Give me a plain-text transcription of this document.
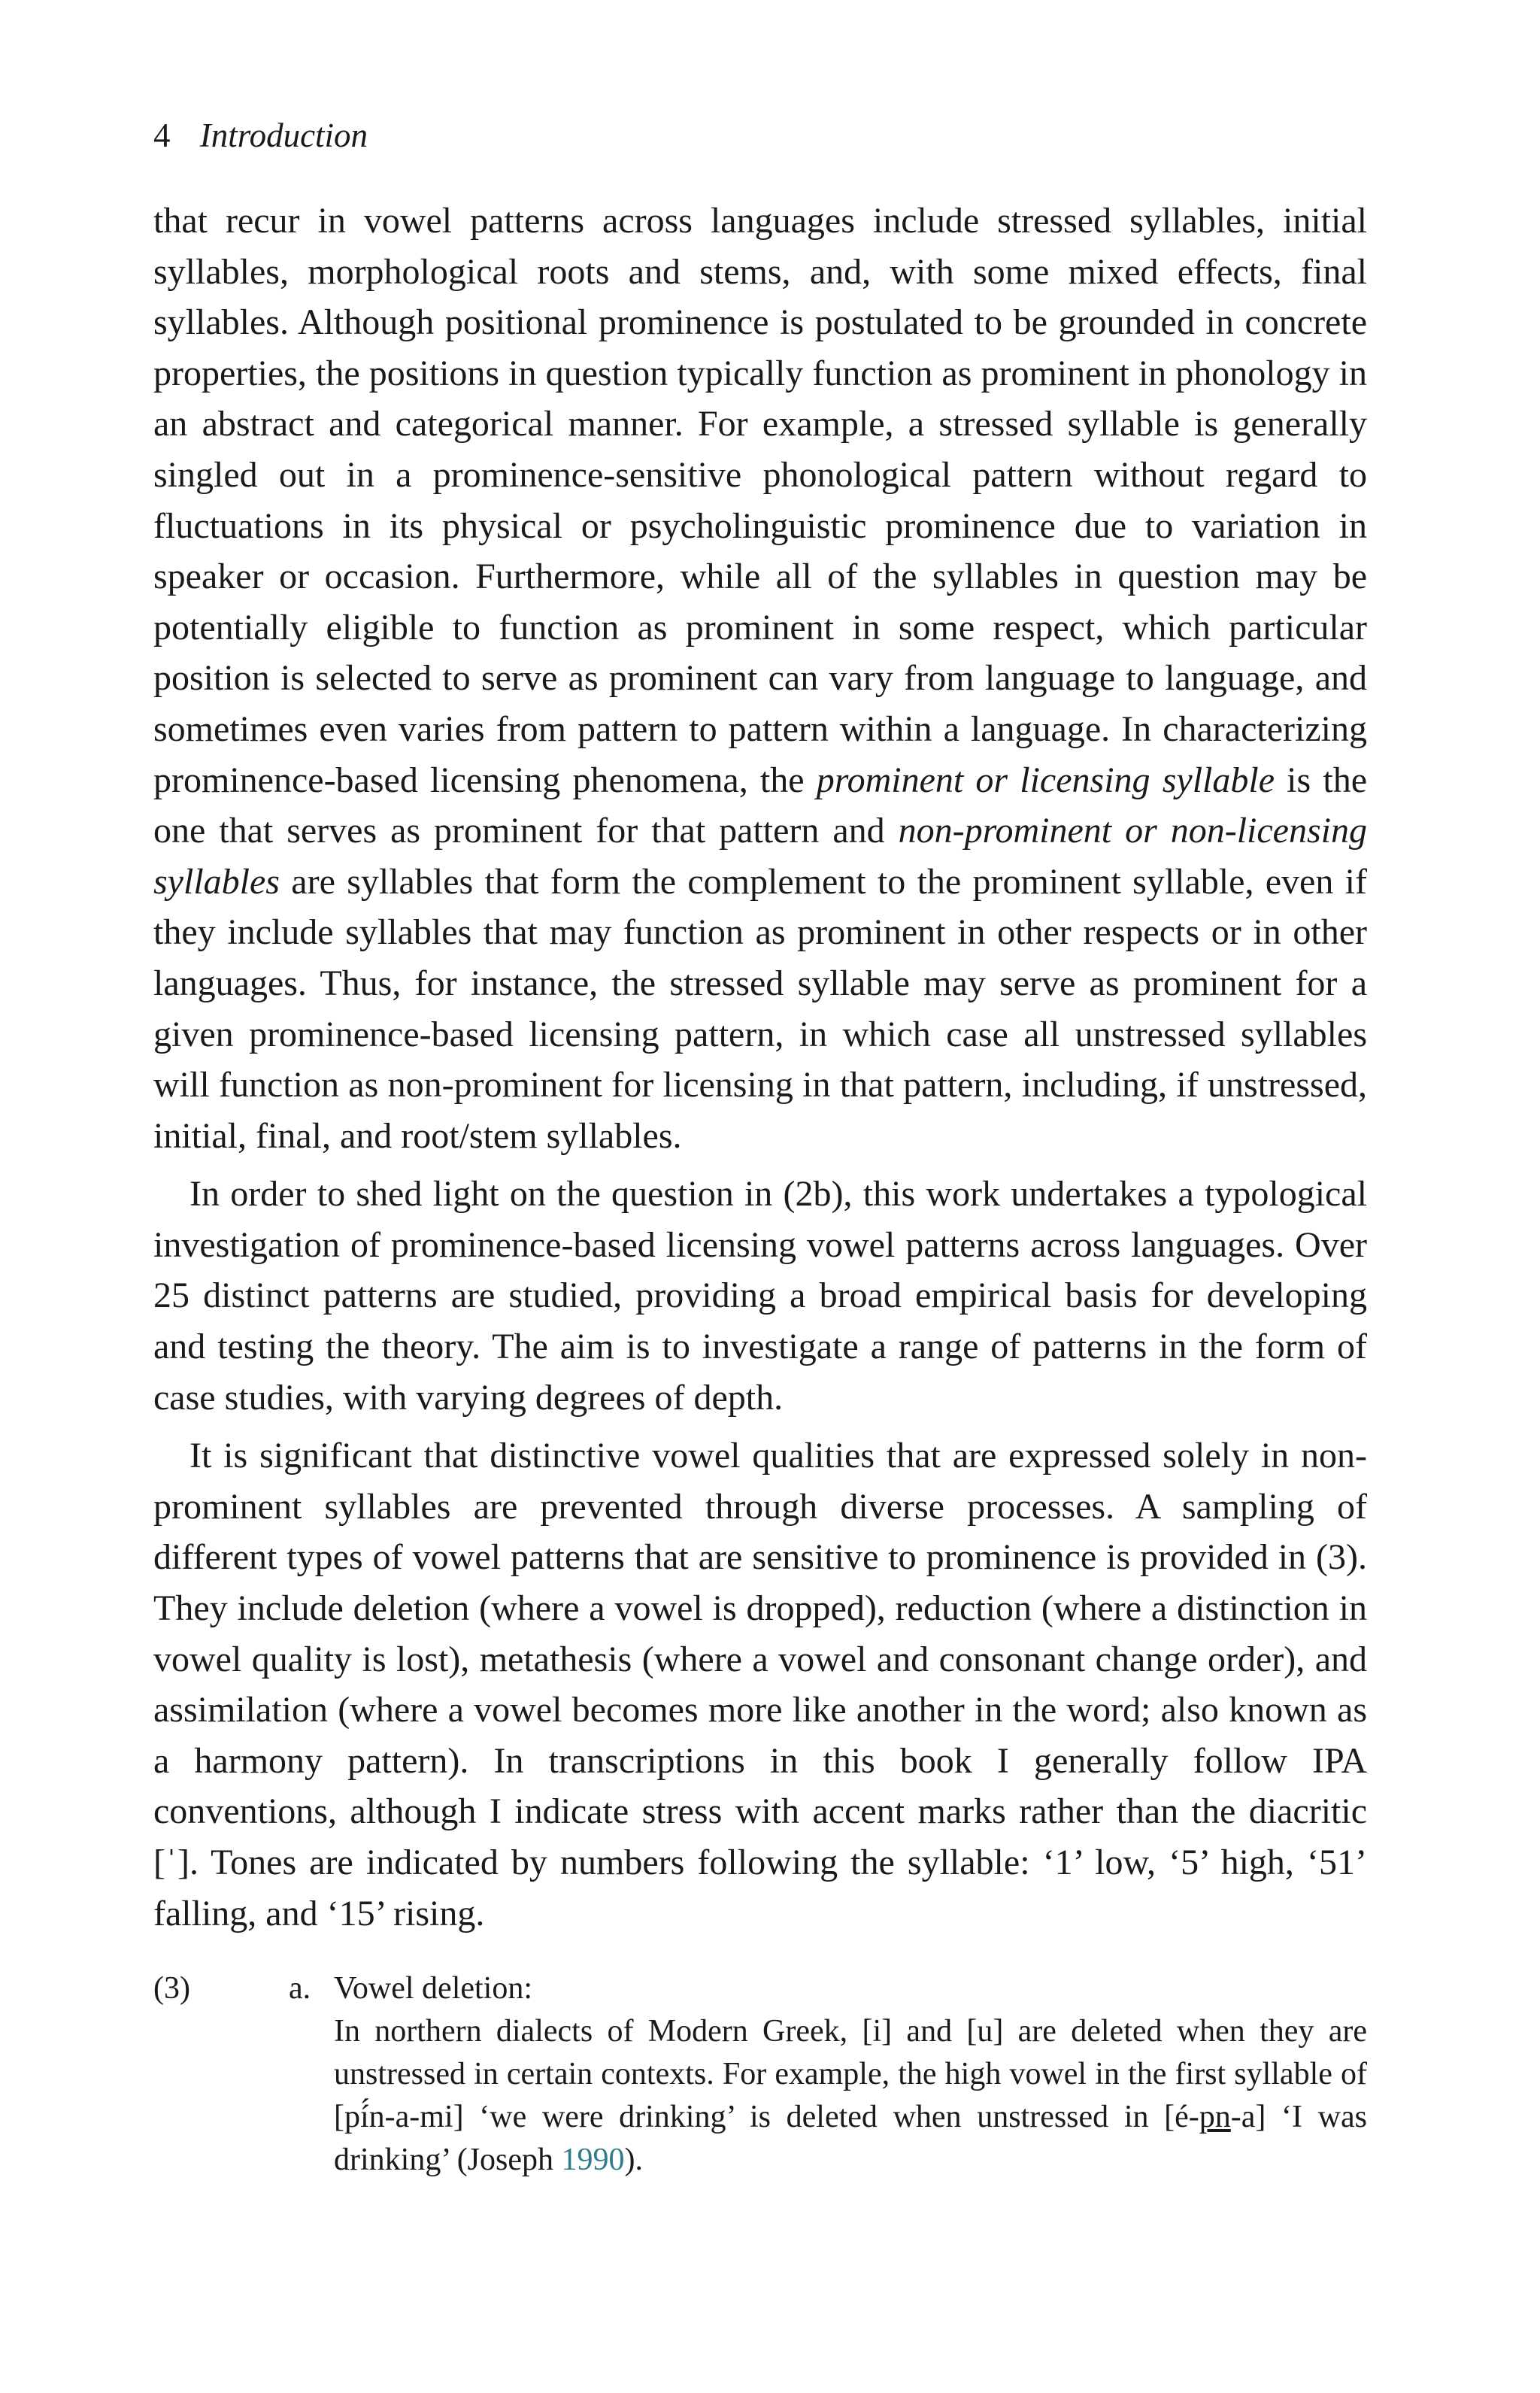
4 Introduction

that recur in vowel patterns across languages include stressed syllables, initial syllables, morphological roots and stems, and, with some mixed effects, final syllables. Although positional prominence is postulated to be grounded in concrete properties, the positions in question typically function as prominent in phonology in an abstract and categorical manner. For example, a stressed syllable is generally singled out in a prominence-sensitive phonological pattern without regard to fluctuations in its physical or psycholinguistic prominence due to variation in speaker or occasion. Furthermore, while all of the syllables in question may be potentially eligible to function as prominent in some respect, which particular position is selected to serve as prominent can vary from language to language, and sometimes even varies from pattern to pattern within a language. In characterizing prominence-based licensing phenomena, the prominent or licensing syllable is the one that serves as prominent for that pattern and non-prominent or non-licensing syllables are syllables that form the complement to the prominent syllable, even if they include syllables that may function as prominent in other respects or in other languages. Thus, for instance, the stressed syllable may serve as prominent for a given prominence-based licensing pattern, in which case all unstressed syllables will function as non-prominent for licensing in that pattern, including, if unstressed, initial, final, and root/stem syllables.

In order to shed light on the question in (2b), this work undertakes a typological investigation of prominence-based licensing vowel patterns across languages. Over 25 distinct patterns are studied, providing a broad empirical basis for developing and testing the theory. The aim is to investigate a range of patterns in the form of case studies, with varying degrees of depth.

It is significant that distinctive vowel qualities that are expressed solely in non-prominent syllables are prevented through diverse processes. A sampling of different types of vowel patterns that are sensitive to prominence is provided in (3). They include deletion (where a vowel is dropped), reduction (where a distinction in vowel quality is lost), metathesis (where a vowel and consonant change order), and assimilation (where a vowel becomes more like another in the word; also known as a harmony pattern). In transcriptions in this book I generally follow IPA conventions, although I indicate stress with accent marks rather than the diacritic [ˈ]. Tones are indicated by numbers following the syllable: ‘1’ low, ‘5’ high, ‘51’ falling, and ‘15’ rising.

(3)	a. Vowel deletion:
In northern dialects of Modern Greek, [i] and [u] are deleted when they are unstressed in certain contexts. For example, the high vowel in the first syllable of [pí́n-a-mi] ‘we were drinking’ is deleted when unstressed in [é-pn-a] ‘I was drinking’ (Joseph 1990).
